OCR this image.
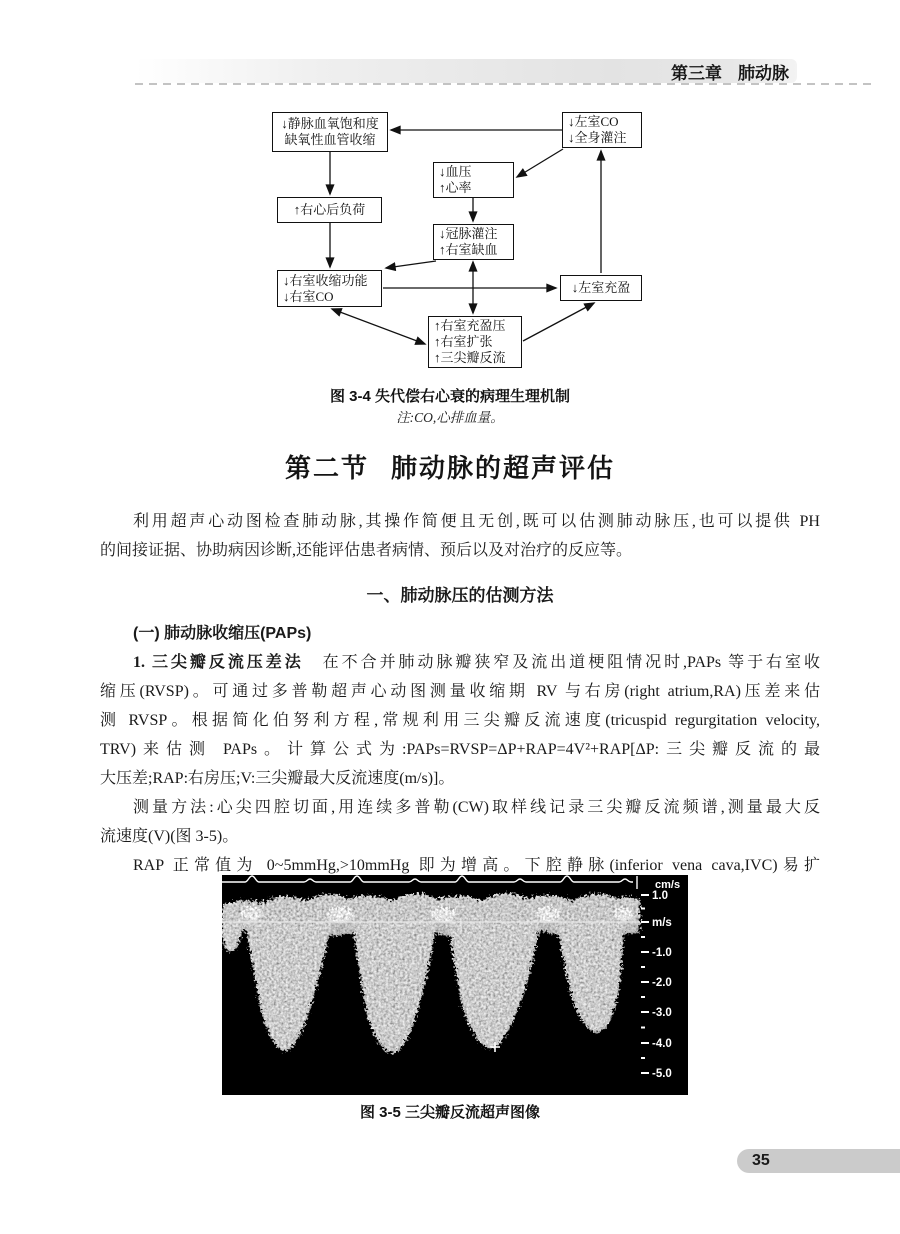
第三章 肺动脉
↓静脉血氧饱和度
缺氧性血管收缩
↓左室CO
↓全身灌注
↓血压
↑心率
↑右心后负荷
↓冠脉灌注
↑右室缺血
↓右室收缩功能
↓右室CO
↓左室充盈
↑右室充盈压
↑右室扩张
↑三尖瓣反流
图 3-4 失代偿右心衰的病理生理机制
注:CO,心排血量。
第二节 肺动脉的超声评估
利用超声心动图检查肺动脉,其操作简便且无创,既可以估测肺动脉压,也可以提供 PH
的间接证据、协助病因诊断,还能评估患者病情、预后以及对治疗的反应等。
一、肺动脉压的估测方法
(一) 肺动脉收缩压(PAPs)
1. 三尖瓣反流压差法　在不合并肺动脉瓣狭窄及流出道梗阻情况时,PAPs 等于右室收
缩压(RVSP)。可通过多普勒超声心动图测量收缩期 RV 与右房(right atrium,RA)压差来估
测 RVSP。根据简化伯努利方程,常规利用三尖瓣反流速度(tricuspid regurgitation velocity,
TRV)来估测 PAPs。计算公式为:PAPs=RVSP=ΔP+RAP=4V²+RAP[ΔP:三尖瓣反流的最
大压差;RAP:右房压;V:三尖瓣最大反流速度(m/s)]。
测量方法:心尖四腔切面,用连续多普勒(CW)取样线记录三尖瓣反流频谱,测量最大反
流速度(V)(图 3-5)。
RAP 正常值为 0~5mmHg,>10mmHg 即为增高。下腔静脉(inferior vena cava,IVC)易扩
cm/s
1.0
m/s
-1.0
-2.0
-3.0
-4.0
-5.0
图 3-5 三尖瓣反流超声图像
35
